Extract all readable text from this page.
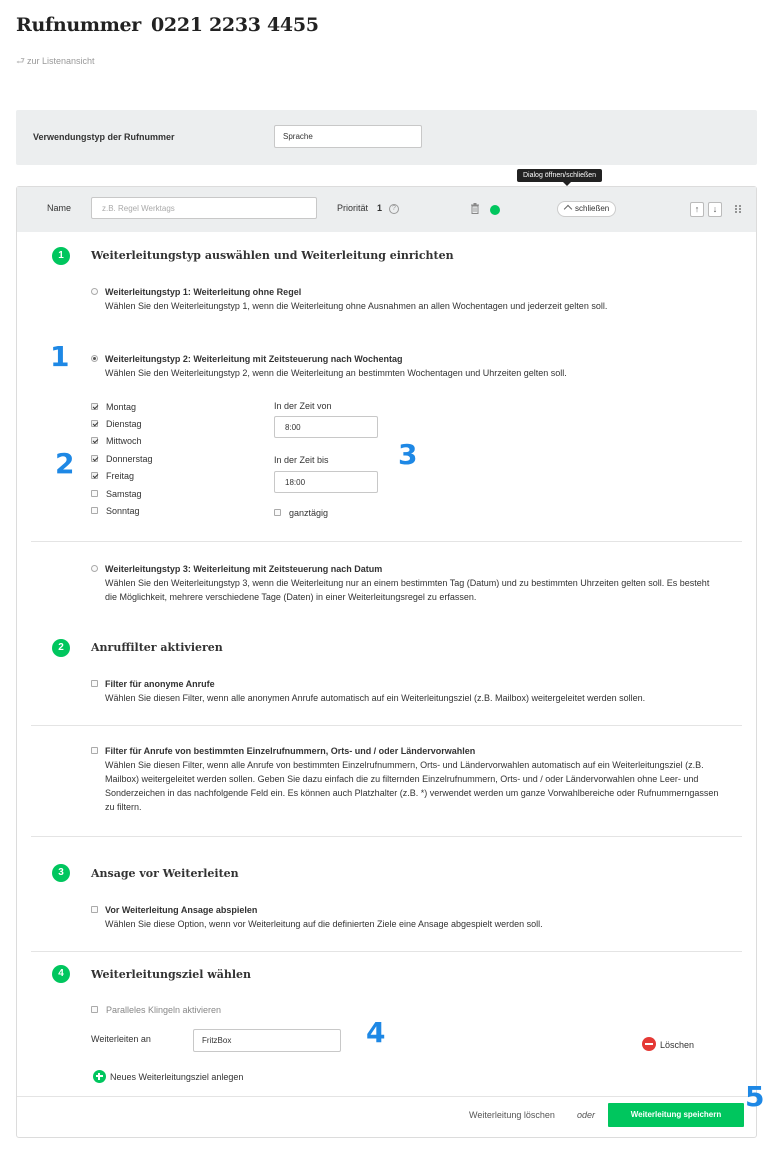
Rufnummer 0221 2233 4455
⮐ zur Listenansicht
Verwendungstyp der Rufnummer	Sprache
Name	z.B. Regel Werktags	Priorität 1	?	schließen	↑	↓
Dialog öffnen/schließen
1	Weiterleitungstyp auswählen und Weiterleitung einrichten
Weiterleitungstyp 1: Weiterleitung ohne Regel
Wählen Sie den Weiterleitungstyp 1, wenn die Weiterleitung ohne Ausnahmen an allen Wochentagen und jederzeit gelten soll.
Weiterleitungstyp 2: Weiterleitung mit Zeitsteuerung nach Wochentag
Wählen Sie den Weiterleitungstyp 2, wenn die Weiterleitung an bestimmten Wochentagen und Uhrzeiten gelten soll.
Montag
Dienstag
Mittwoch
Donnerstag
Freitag
Samstag
Sonntag
In der Zeit von
8:00
In der Zeit bis
18:00
ganztägig
Weiterleitungstyp 3: Weiterleitung mit Zeitsteuerung nach Datum
Wählen Sie den Weiterleitungstyp 3, wenn die Weiterleitung nur an einem bestimmten Tag (Datum) und zu bestimmten Uhrzeiten gelten soll. Es besteht die Möglichkeit, mehrere verschiedene Tage (Daten) in einer Weiterleitungsregel zu erfassen.
2	Anruffilter aktivieren
Filter für anonyme Anrufe
Wählen Sie diesen Filter, wenn alle anonymen Anrufe automatisch auf ein Weiterleitungsziel (z.B. Mailbox) weitergeleitet werden sollen.
Filter für Anrufe von bestimmten Einzelrufnummern, Orts- und / oder Ländervorwahlen
Wählen Sie diesen Filter, wenn alle Anrufe von bestimmten Einzelrufnummern, Orts- und Ländervorwahlen automatisch auf ein Weiterleitungsziel (z.B. Mailbox) weitergeleitet werden sollen. Geben Sie dazu einfach die zu filternden Einzelrufnummern, Orts- und / oder Ländervorwahlen ohne Leer- und Sonderzeichen in das nachfolgende Feld ein. Es können auch Platzhalter (z.B. *) verwendet werden um ganze Vorwahlbereiche oder Rufnummerngassen zu filtern.
3	Ansage vor Weiterleiten
Vor Weiterleitung Ansage abspielen
Wählen Sie diese Option, wenn vor Weiterleitung auf die definierten Ziele eine Ansage abgespielt werden soll.
4	Weiterleitungsziel wählen
Paralleles Klingeln aktivieren
Weiterleiten an	FritzBox	Löschen
Neues Weiterleitungsziel anlegen
Weiterleitung löschen oder	Weiterleitung speichern
1
2	3
4
5
